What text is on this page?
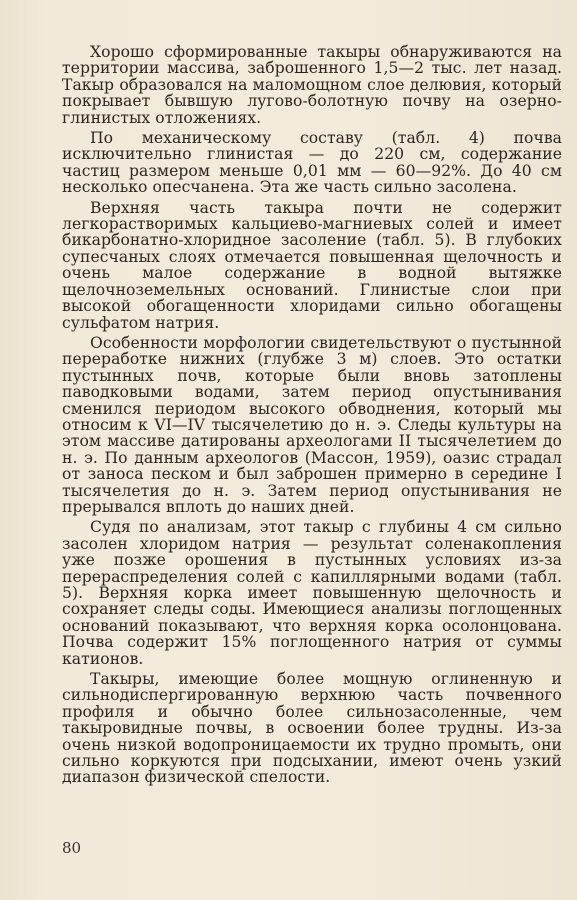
Хорошо сформированные такыры обнаруживаются на территории массива, заброшенного 1,5—2 тыс. лет назад. Такыр образовался на маломощном слое делювия, который покрывает бывшую лугово-болотную почву на озерно-глинистых отложениях.

По механическому составу (табл. 4) почва исключительно глинистая — до 220 см, содержание частиц размером меньше 0,01 мм — 60—92%. До 40 см несколько опесчанена. Эта же часть сильно засолена.

Верхняя часть такыра почти не содержит легкорастворимых кальциево-магниевых солей и имеет бикарбонатно-хлоридное засоление (табл. 5). В глубоких супесчаных слоях отмечается повышенная щелочность и очень малое содержание в водной вытяжке щелочноземельных оснований. Глинистые слои при высокой обогащенности хлоридами сильно обогащены сульфатом натрия.

Особенности морфологии свидетельствуют о пустынной переработке нижних (глубже 3 м) слоев. Это остатки пустынных почв, которые были вновь затоплены паводковыми водами, затем период опустынивания сменился периодом высокого обводнения, который мы относим к VI—IV тысячелетию до н. э. Следы культуры на этом массиве датированы археологами II тысячелетием до н. э. По данным археологов (Массон, 1959), оазис страдал от заноса песком и был заброшен примерно в середине I тысячелетия до н. э. Затем период опустынивания не прерывался вплоть до наших дней.

Судя по анализам, этот такыр с глубины 4 см сильно засолен хлоридом натрия — результат соленакопления уже позже орошения в пустынных условиях из-за перераспределения солей с капиллярными водами (табл. 5). Верхняя корка имеет повышенную щелочность и сохраняет следы соды. Имеющиеся анализы поглощенных оснований показывают, что верхняя корка осолонцована. Почва содержит 15% поглощенного натрия от суммы катионов.

Такыры, имеющие более мощную оглиненную и сильнодиспергированную верхнюю часть почвенного профиля и обычно более сильнозасоленные, чем такыровидные почвы, в освоении более трудны. Из-за очень низкой водопроницаемости их трудно промыть, они сильно коркуются при подсыхании, имеют очень узкий диапазон физической спелости.

80
